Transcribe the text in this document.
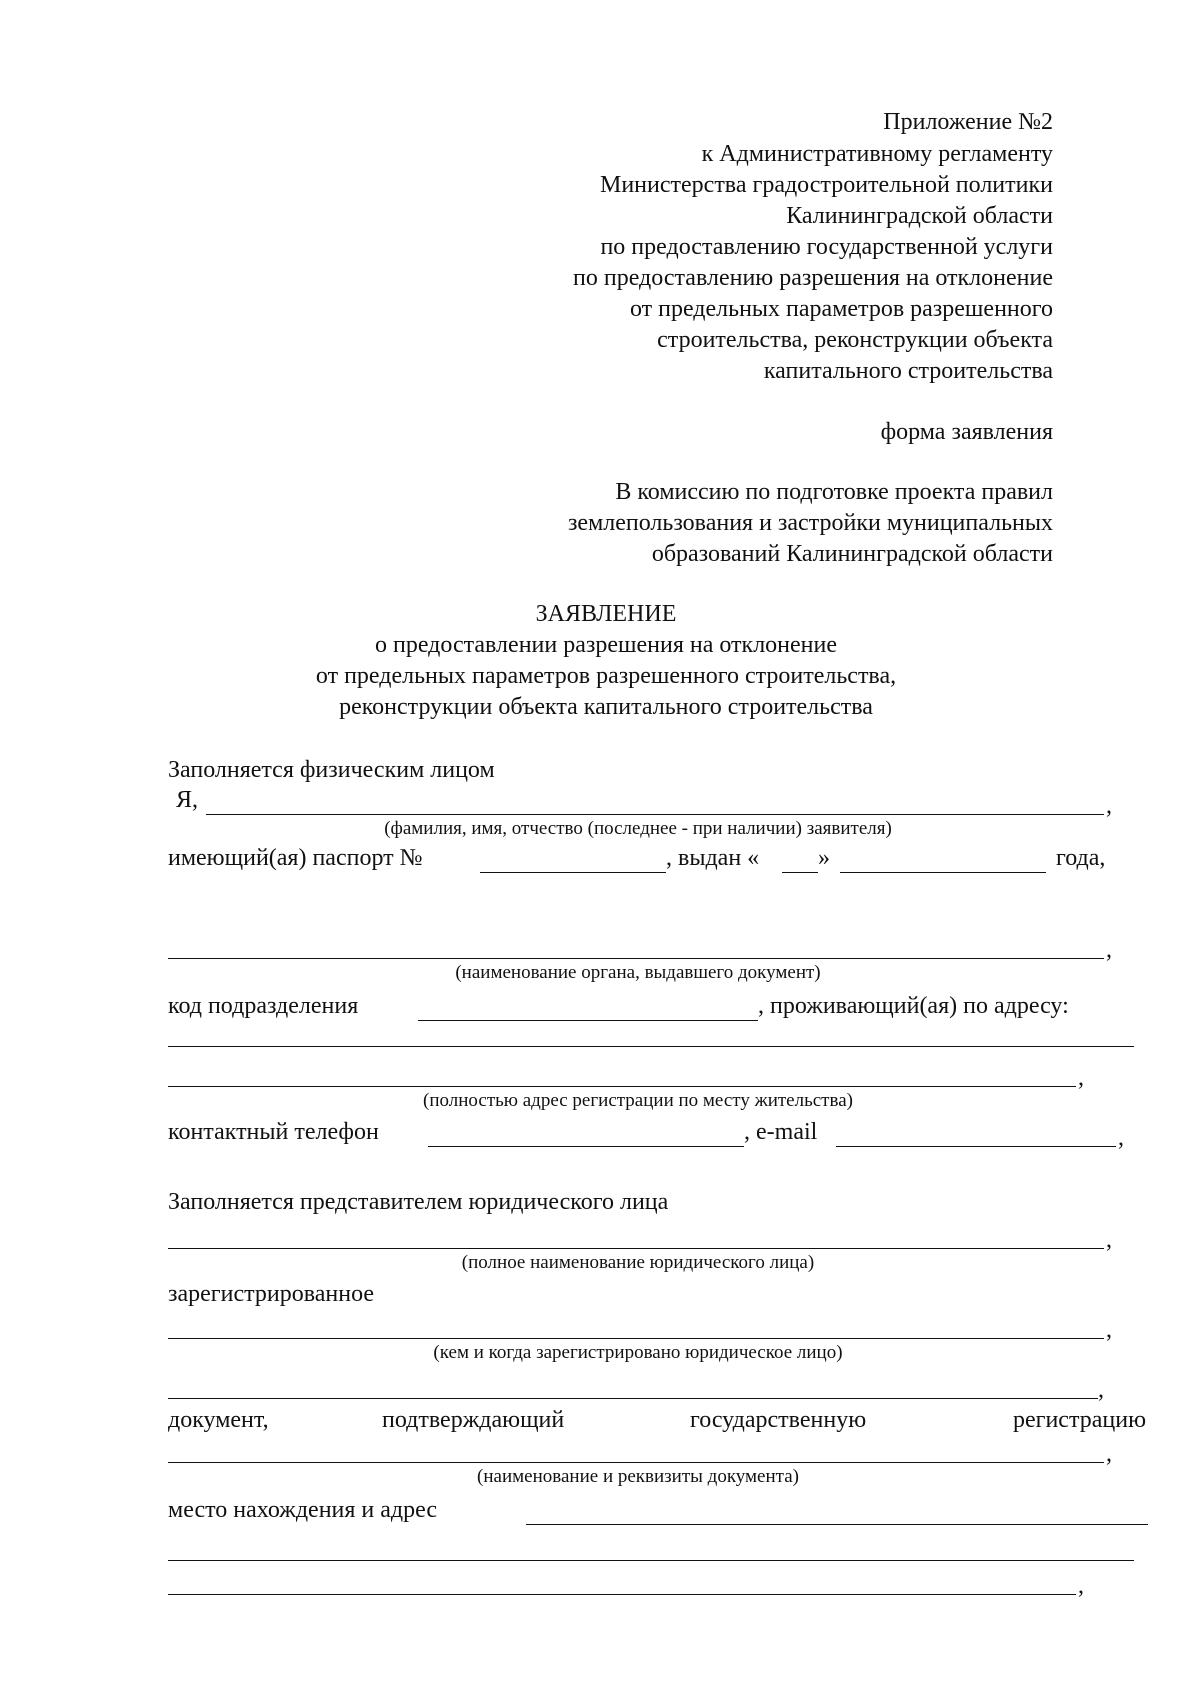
Приложение №2
к Административному регламенту
Министерства градостроительной политики
Калининградской области
по предоставлению государственной услуги
по предоставлению разрешения на отклонение
от предельных параметров разрешенного
строительства, реконструкции объекта
капитального строительства
форма заявления
В комиссию по подготовке проекта правил
землепользования и застройки муниципальных
образований Калининградской области
ЗАЯВЛЕНИЕ
о предоставлении разрешения на отклонение
от предельных параметров разрешенного строительства,
реконструкции объекта капитального строительства
Заполняется физическим лицом
Я,	,
(фамилия, имя, отчество (последнее - при наличии) заявителя)
имеющий(ая) паспорт №	, выдан « »	года,
,
(наименование органа, выдавшего документ)
код подразделения	, проживающий(ая) по адресу:
,
(полностью адрес регистрации по месту жительства)
контактный телефон	, e-mail	,
Заполняется представителем юридического лица
,
(полное наименование юридического лица)
зарегистрированное
,
(кем и когда зарегистрировано юридическое лицо)
,
документ,	подтверждающий	государственную	регистрацию
,
(наименование и реквизиты документа)
место нахождения и адрес
,
